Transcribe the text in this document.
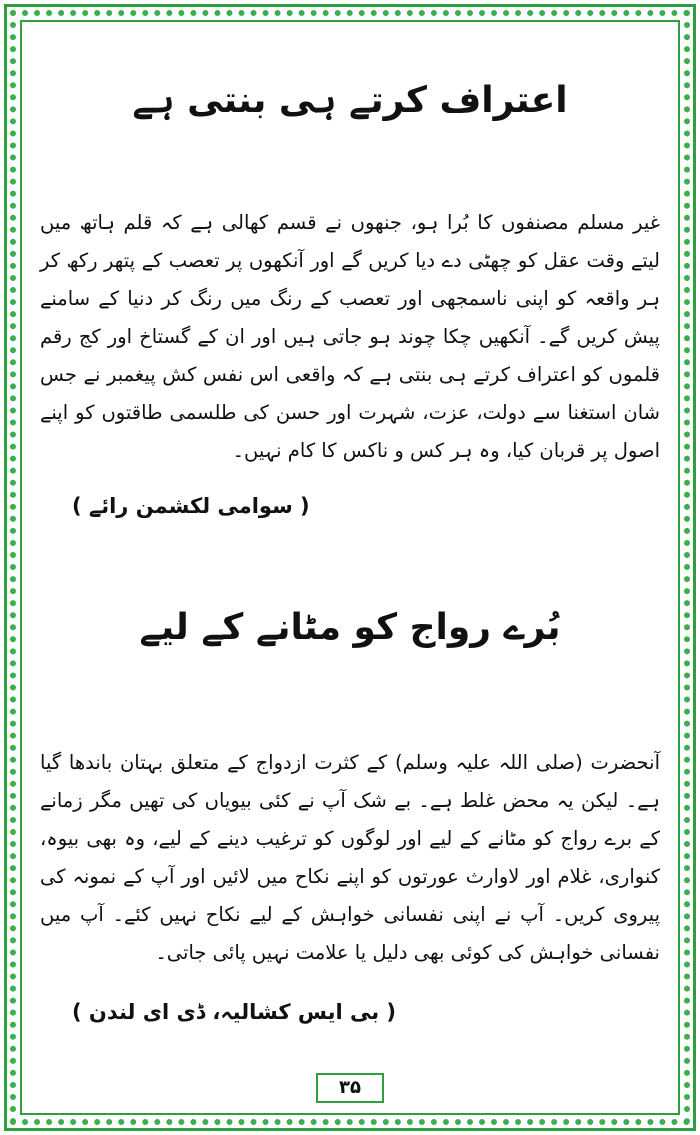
اعتراف کرتے ہی بنتی ہے

غیر مسلم مصنفوں کا بُرا ہو، جنھوں نے قسم کھالی ہے کہ قلم ہاتھ میں لیتے وقت عقل کو چھٹی دے دیا کریں گے اور آنکھوں پر تعصب کے پتھر رکھ کر ہر واقعہ کو اپنی ناسمجھی اور تعصب کے رنگ میں رنگ کر دنیا کے سامنے پیش کریں گے۔ آنکھیں چکا چوند ہو جاتی ہیں اور ان کے گستاخ اور کج رقم قلموں کو اعتراف کرتے ہی بنتی ہے کہ واقعی اس نفس کش پیغمبر نے جس شان استغنا سے دولت، عزت، شہرت اور حسن کی طلسمی طاقتوں کو اپنے اصول پر قربان کیا، وہ ہر کس و ناکس کا کام نہیں۔

( سوامی لکشمن رائے )
بُرے رواج کو مٹانے کے لیے

آنحضرت (صلی اللہ علیہ وسلم) کے کثرت ازدواج کے متعلق بہتان باندھا گیا ہے۔ لیکن یہ محض غلط ہے۔ بے شک آپ نے کئی بیویاں کی تھیں مگر زمانے کے برے رواج کو مٹانے کے لیے اور لوگوں کو ترغیب دینے کے لیے، وہ بھی بیوہ، کنواری، غلام اور لاوارث عورتوں کو اپنے نکاح میں لائیں اور آپ کے نمونہ کی پیروی کریں۔ آپ نے اپنی نفسانی خواہش کے لیے نکاح نہیں کئے۔ آپ میں نفسانی خواہش کی کوئی بھی دلیل یا علامت نہیں پائی جاتی۔

( بی ایس کشالیہ، ڈی ای لندن )
۳۵
